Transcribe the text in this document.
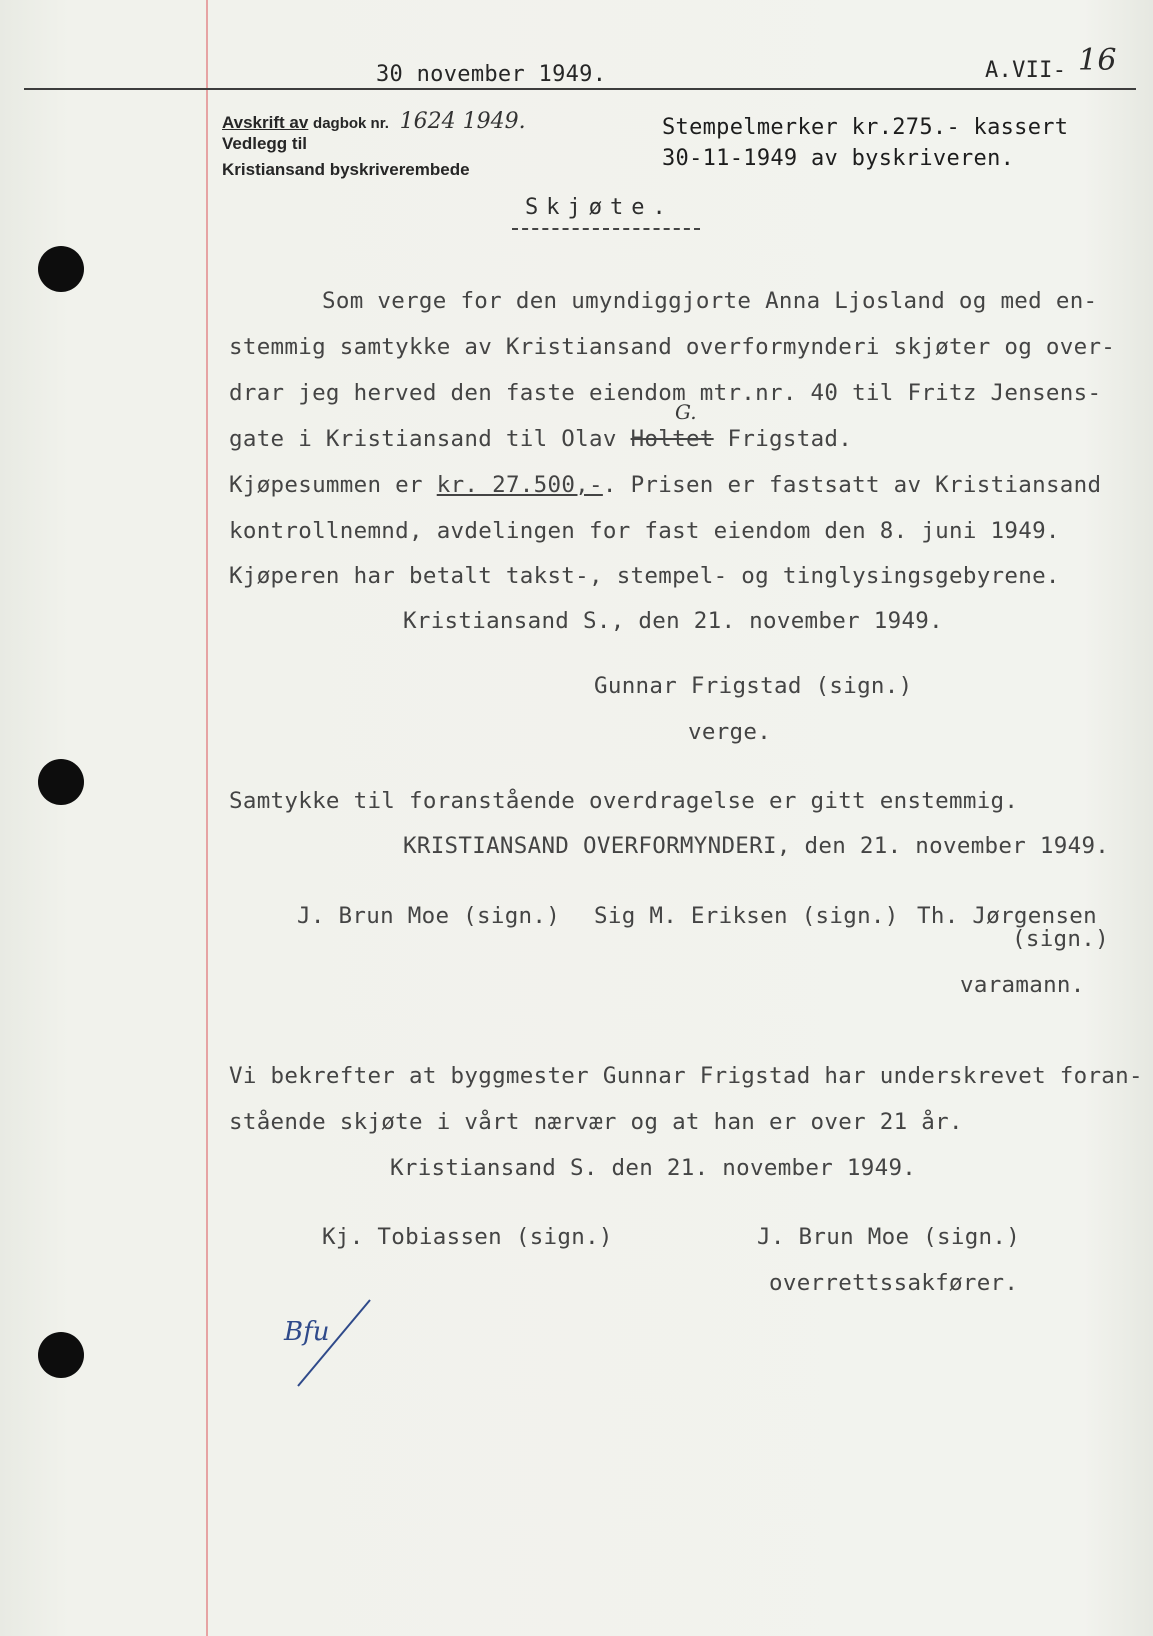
30 november 1949.	A.VII- 16
Avskrift av dagbok nr. 1624 1949.
Vedlegg til
Kristiansand byskriverembede
Stempelmerker kr.275.- kassert
30-11-1949 av byskriveren.
Skjøte.
Som verge for den umyndiggjorte Anna Ljosland og med en-
stemmig samtykke av Kristiansand overformynderi skjøter og over-
drar jeg herved den faste eiendom mtr.nr. 40 til Fritz Jensens-
gate i Kristiansand til Olav Holtet Frigstad.
G.
Kjøpesummen er kr. 27.500,-. Prisen er fastsatt av Kristiansand
kontrollnemnd, avdelingen for fast eiendom den 8. juni 1949.
Kjøperen har betalt takst-, stempel- og tinglysingsgebyrene.
Kristiansand S., den 21. november 1949.
Gunnar Frigstad (sign.)
verge.
Samtykke til foranstående overdragelse er gitt enstemmig.
KRISTIANSAND OVERFORMYNDERI, den 21. november 1949.
J. Brun Moe (sign.) Sig M. Eriksen (sign.) Th. Jørgensen
(sign.)
varamann.
Vi bekrefter at byggmester Gunnar Frigstad har underskrevet foran-
stående skjøte i vårt nærvær og at han er over 21 år.
Kristiansand S. den 21. november 1949.
Kj. Tobiassen (sign.)	J. Brun Moe (sign.)
overrettssakfører.
Bfu
